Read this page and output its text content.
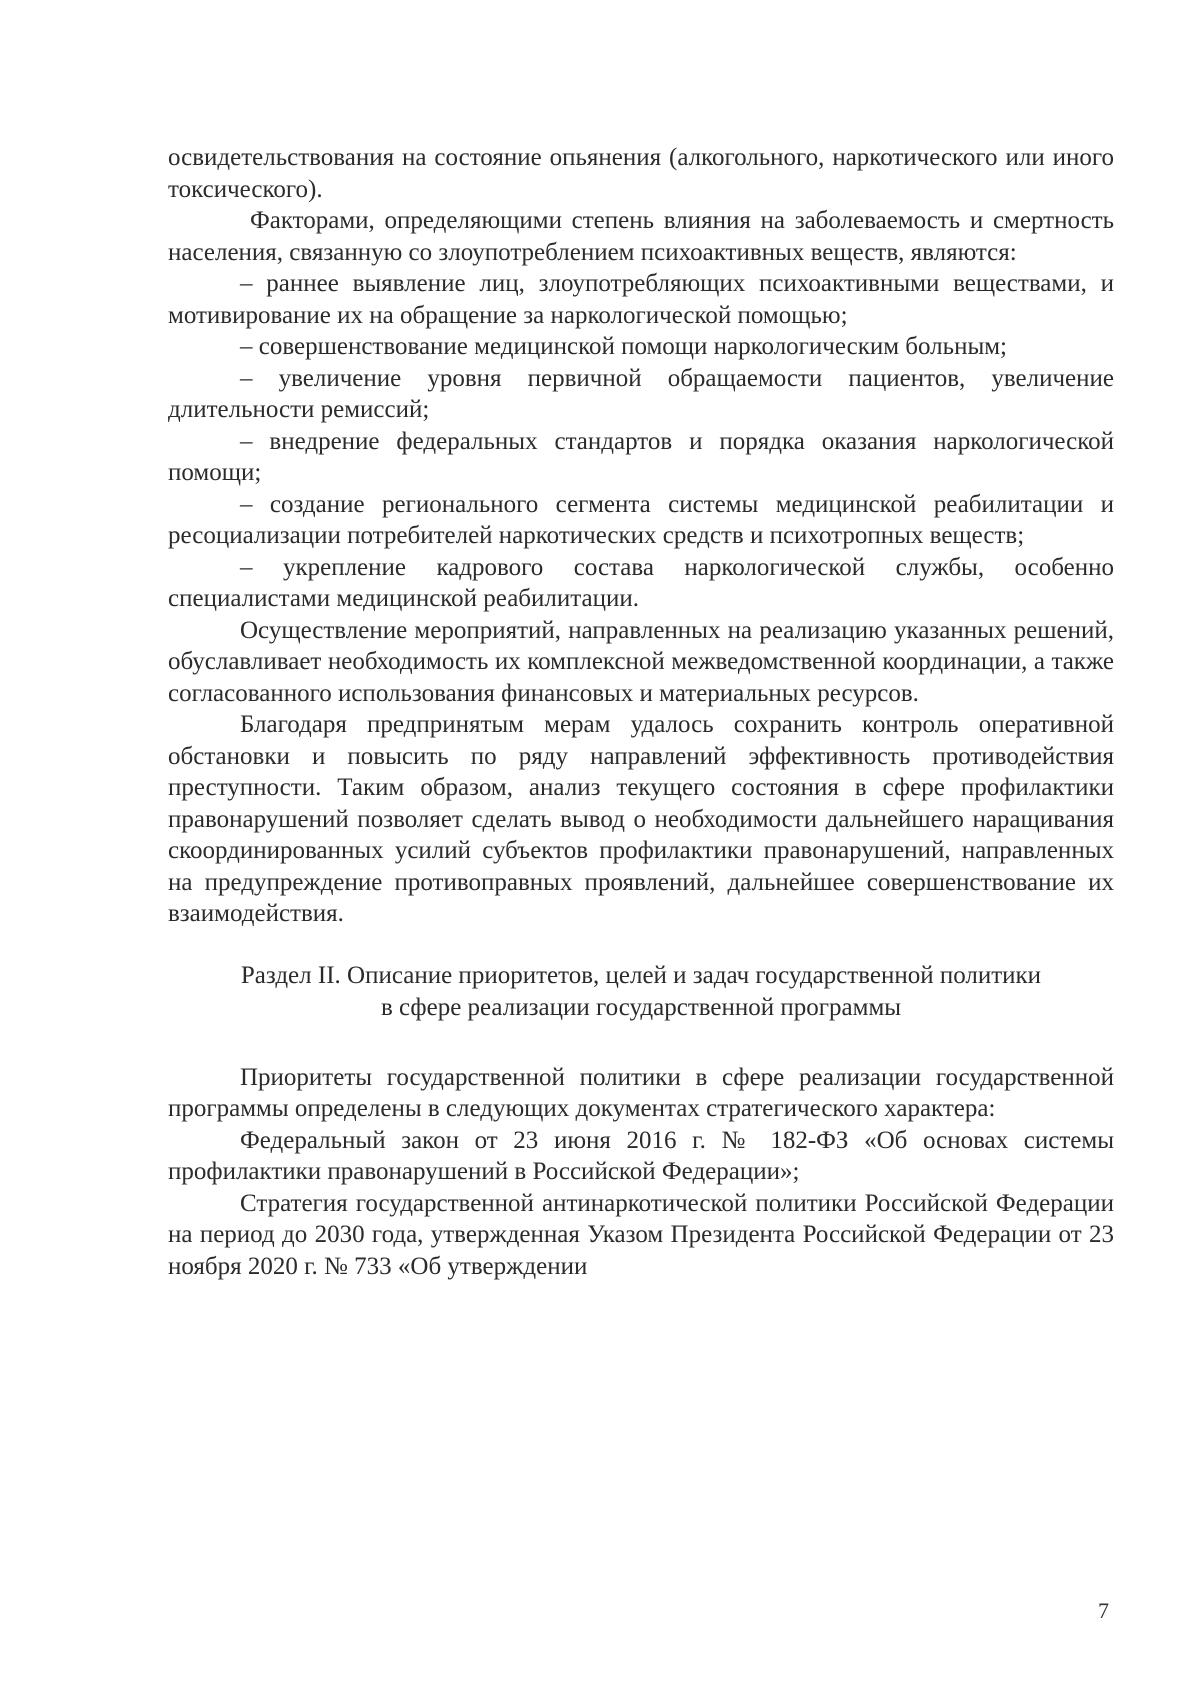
освидетельствования на состояние опьянения (алкогольного, наркотического или иного токсического).

Факторами, определяющими степень влияния на заболеваемость и смертность населения, связанную со злоупотреблением психоактивных веществ, являются:

– раннее выявление лиц, злоупотребляющих психоактивными веществами, и мотивирование их на обращение за наркологической помощью;

– совершенствование медицинской помощи наркологическим больным;

– увеличение уровня первичной обращаемости пациентов, увеличение длительности ремиссий;

– внедрение федеральных стандартов и порядка оказания наркологической помощи;

– создание регионального сегмента системы медицинской реабилитации и ресоциализации потребителей наркотических средств и психотропных веществ;

– укрепление кадрового состава наркологической службы, особенно специалистами медицинской реабилитации.

Осуществление мероприятий, направленных на реализацию указанных решений, обуславливает необходимость их комплексной межведомственной координации, а также согласованного использования финансовых и материальных ресурсов.

Благодаря предпринятым мерам удалось сохранить контроль оперативной обстановки и повысить по ряду направлений эффективность противодействия преступности. Таким образом, анализ текущего состояния в сфере профилактики правонарушений позволяет сделать вывод о необходимости дальнейшего наращивания скоординированных усилий субъектов профилактики правонарушений, направленных на предупреждение противоправных проявлений, дальнейшее совершенствование их взаимодействия.

Раздел II. Описание приоритетов, целей и задач государственной политики
в сфере реализации государственной программы

Приоритеты государственной политики в сфере реализации государственной программы определены в следующих документах стратегического характера:

Федеральный закон от 23 июня 2016 г. № 182-ФЗ «Об основах системы профилактики правонарушений в Российской Федерации»;

Стратегия государственной антинаркотической политики Российской Федерации на период до 2030 года, утвержденная Указом Президента Российской Федерации от 23 ноября 2020 г. № 733 «Об утверждении

7
